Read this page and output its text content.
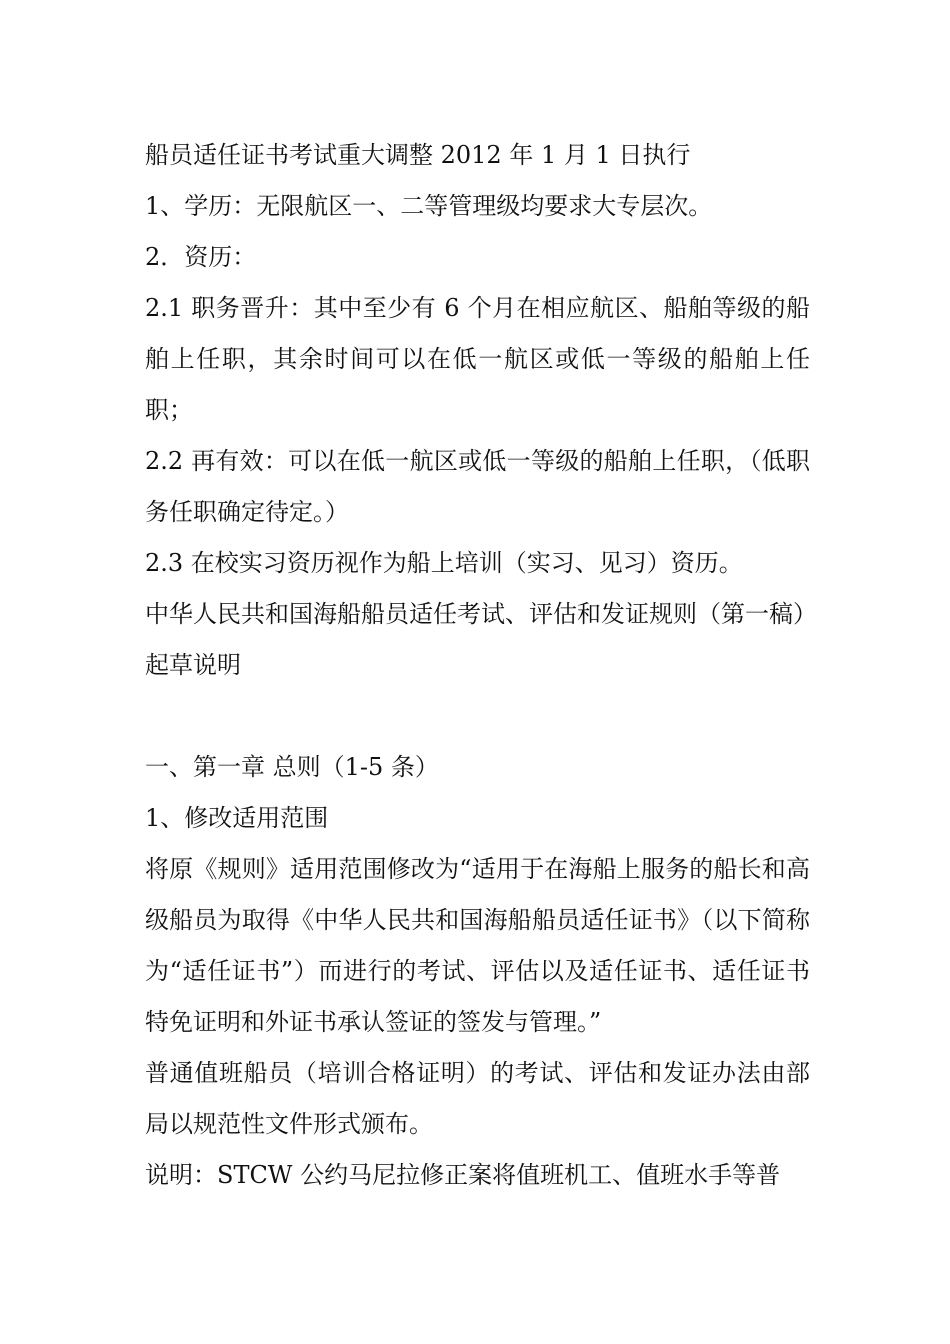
船员适任证书考试重大调整 2012 年 1 月 1 日执行

1、学历：无限航区一、二等管理级均要求大专层次。

2．资历：

2.1 职务晋升：其中至少有 6 个月在相应航区、船舶等级的船舶上任职，其余时间可以在低一航区或低一等级的船舶上任职；

2.2 再有效：可以在低一航区或低一等级的船舶上任职，（低职务任职确定待定。）

2.3 在校实习资历视作为船上培训（实习、见习）资历。

中华人民共和国海船船员适任考试、评估和发证规则（第一稿）

起草说明

一、第一章 总则（1-5 条）

1、修改适用范围

将原《规则》适用范围修改为“适用于在海船上服务的船长和高级船员为取得《中华人民共和国海船船员适任证书》（以下简称为“适任证书”）而进行的考试、评估以及适任证书、适任证书特免证明和外证书承认签证的签发与管理。”

普通值班船员（培训合格证明）的考试、评估和发证办法由部局以规范性文件形式颁布。

说明：STCW 公约马尼拉修正案将值班机工、值班水手等普
